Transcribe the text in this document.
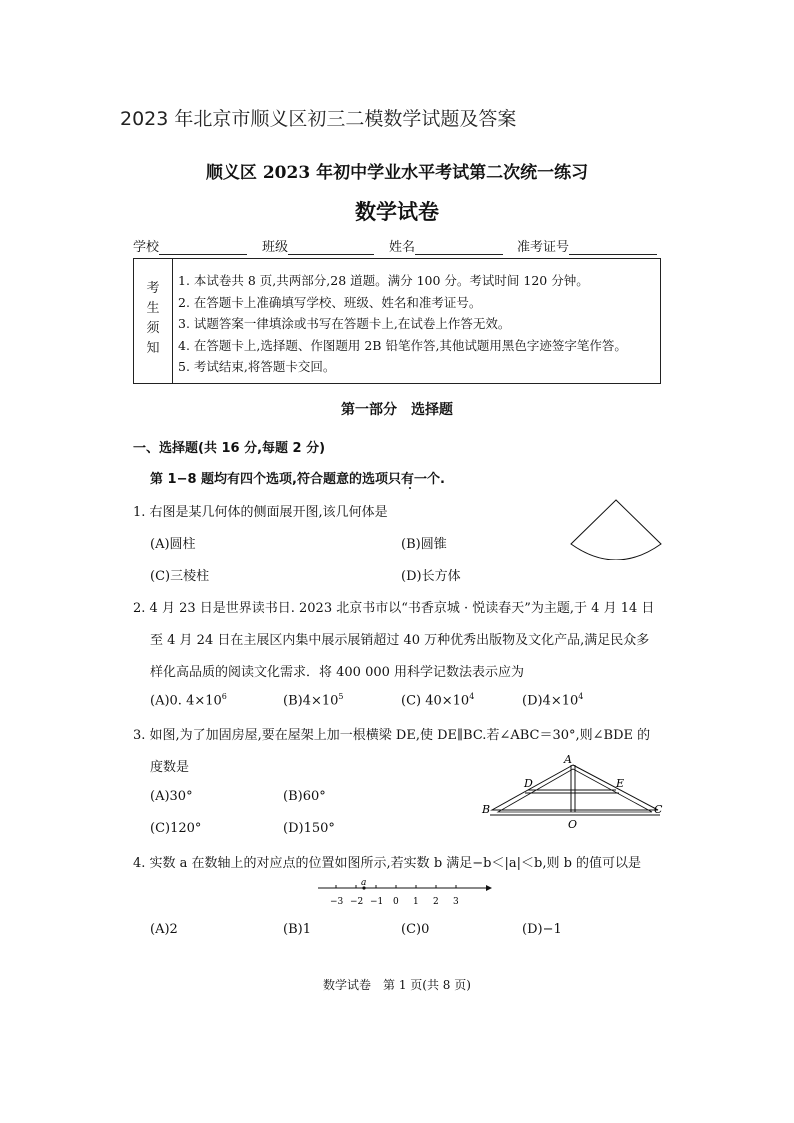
2023 年北京市顺义区初三二模数学试题及答案
顺义区 2023 年初中学业水平考试第二次统一练习
数学试卷
学校	班级	姓名	准考证号
考
生
须
知
1. 本试卷共 8 页,共两部分,28 道题。满分 100 分。考试时间 120 分钟。
2. 在答题卡上准确填写学校、班级、姓名和准考证号。
3. 试题答案一律填涂或书写在答题卡上,在试卷上作答无效。
4. 在答题卡上,选择题、作图题用 2B 铅笔作答,其他试题用黑色字迹签字笔作答。
5. 考试结束,将答题卡交回。
第一部分　选择题
一、选择题(共 16 分,每题 2 分)
第 1−8 题均有四个选项,符合题意的选项只有一个.
1. 右图是某几何体的侧面展开图,该几何体是
(A)圆柱	(B)圆锥
(C)三棱柱	(D)长方体
2. 4 月 23 日是世界读书日. 2023 北京书市以“书香京城 · 悦读春天”为主题,于 4 月 14 日
至 4 月 24 日在主展区内集中展示展销超过 40 万种优秀出版物及文化产品,满足民众多
样化高品质的阅读文化需求．将 400 000 用科学记数法表示应为
(A)0. $4\times 10^6$	$(B)4\times 10^5$	(C) $40\times 10^4$	$(D)4\times 10^4$
3. 如图,为了加固房屋,要在屋架上加一根横梁 DE,使 DE∥BC.若∠ABC＝30°,则∠BDE 的
度数是
(A)30°	(B)60°
(C)120°	(D)150°
A
D	E
B	C
O
4. 实数 a 在数轴上的对应点的位置如图所示,若实数 b 满足−b＜|a|＜b,则 b 的值可以是
a
−3 −2 −1 0 1 2 3
(A)2	(B)1	(C)0	(D)−1
数学试卷　第 1 页(共 8 页)
